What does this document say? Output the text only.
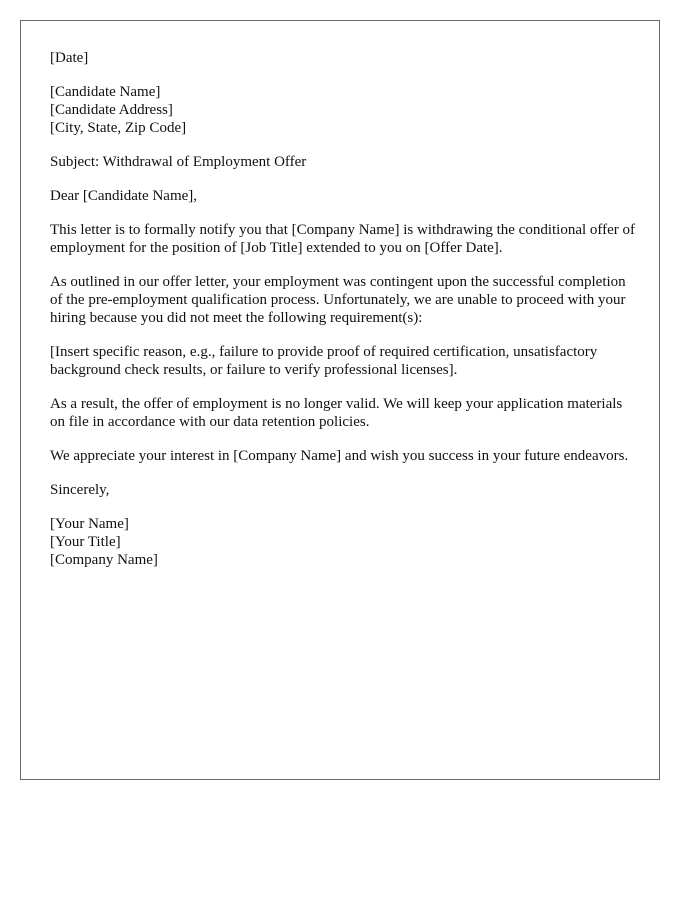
[Date]

[Candidate Name]
[Candidate Address]
[City, State, Zip Code]

Subject: Withdrawal of Employment Offer

Dear [Candidate Name],

This letter is to formally notify you that [Company Name] is withdrawing the conditional offer of employment for the position of [Job Title] extended to you on [Offer Date].

As outlined in our offer letter, your employment was contingent upon the successful completion of the pre-employment qualification process. Unfortunately, we are unable to proceed with your hiring because you did not meet the following requirement(s):

[Insert specific reason, e.g., failure to provide proof of required certification, unsatisfactory background check results, or failure to verify professional licenses].

As a result, the offer of employment is no longer valid. We will keep your application materials on file in accordance with our data retention policies.

We appreciate your interest in [Company Name] and wish you success in your future endeavors.

Sincerely,

[Your Name]
[Your Title]
[Company Name]
